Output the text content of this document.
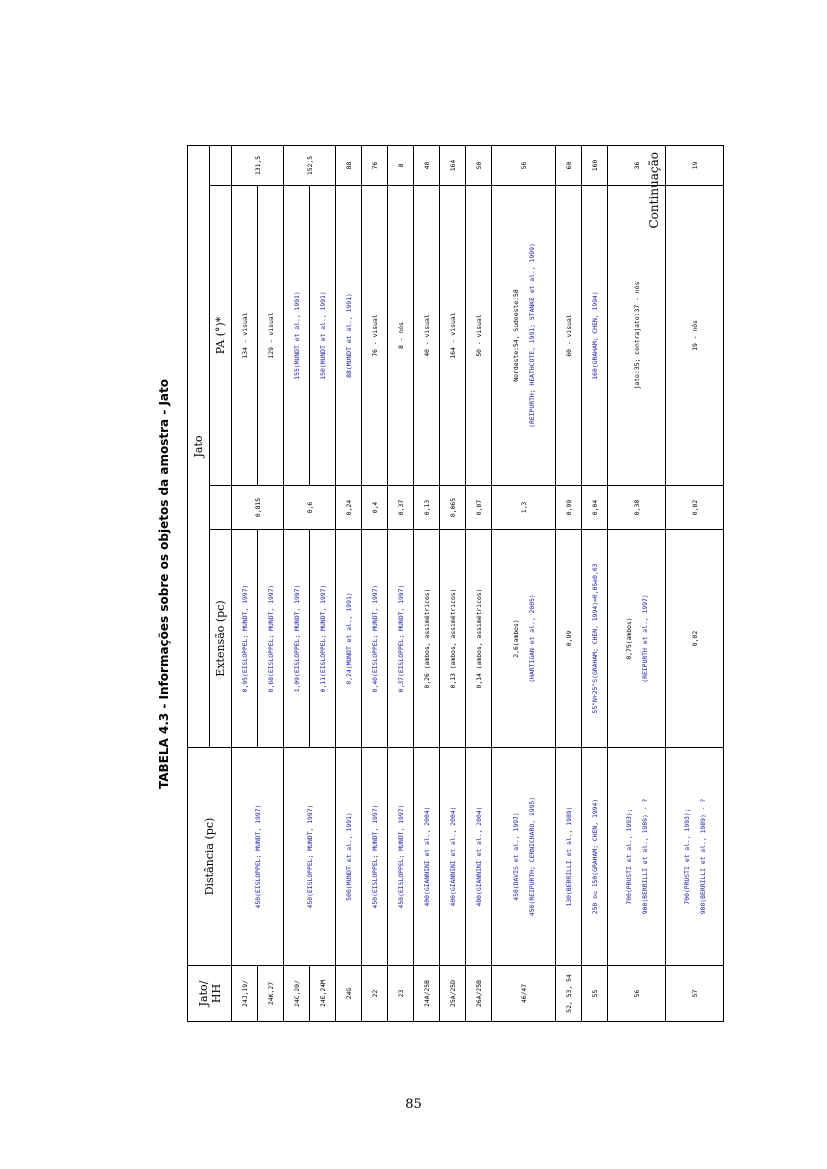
TABELA 4.3 - Informações sobre os objetos da amostra - Jato
Jato/
HH	Distância (pc)	Jato			
		Extensão (pc)		PA (°)*	
24J,19/	450(EISLOPPEL; MUNDT, 1997)	0,95(EISLOPPEL; MUNDT, 1997)	0,815	134 - visual	131,5
24K,27		0,68(EISLOPPEL; MUNDT, 1997)		129 - visual	
24C,20/	450(EISLOPPEL; MUNDT, 1997)	1,09(EISLOPPEL; MUNDT, 1997)	0,6	155(MUNDT et al., 1991)	152,5
24E,24M		0,11(EISLOPPEL; MUNDT, 1997)		150(MUNDT et al., 1991)	
24G	500(MUNDT et al., 1991)	0,24(MUNDT et al., 1991)	0,24	88(MUNDT et al., 1991)	88
22	450(EISLOPPEL; MUNDT, 1997)	0,40(EISLOPPEL; MUNDT, 1997)	0,4	76 - visual	76
23	450(EISLOPPEL; MUNDT, 1997)	0,37(EISLOPPEL; MUNDT, 1997)	0,37	8 - nós	8
24A/25B	400(GIANNINI et al., 2004)	0,26 (ambos, assimétricos)	0,13	40 - visual	40
25A/25D	400(GIANNINI et al., 2004)	0,13 (ambos, assimétricos)	0,065	164 - visual	164
26A/25B	400(GIANNINI et al., 2004)	0,14 (ambos, assimétricos)	0,07	50 - visual	50
46/47	450(DAVIS et al., 1997) 450(REIPURTH; CERNICHARO, 1995)	2,6(ambos) (HARTIGAN et al., 2005)	1,3	Nordeste:54, Sudoeste:58 (REIPURTH; HEATHCOTE, 1991; STANKE et al., 1999)	56
52, 53, 54	130(BERRILLI et al., 1989)	0,99	0,99	60 - visual	60
55	250 ou 150(GRAHAM; CHEN, 1994)	55"N+25"S(GRAHAM; CHEN, 1994)=0,05e0,03	0,04	160(GRAHAM; CHEN, 1994)	160
56	700(PRUSTI et al., 1993); 900(BERRILLI et al., 1989) - ?	0,75(ambos) (REIPURTH et al., 1997)	0,38	jato:35; contrajato:37 - nós	36
57	700(PRUSTI et al., 1993); 900(BERRILLI et al., 1989) - ?	0,02	0,02	19 - nós	19
Continuação
85
